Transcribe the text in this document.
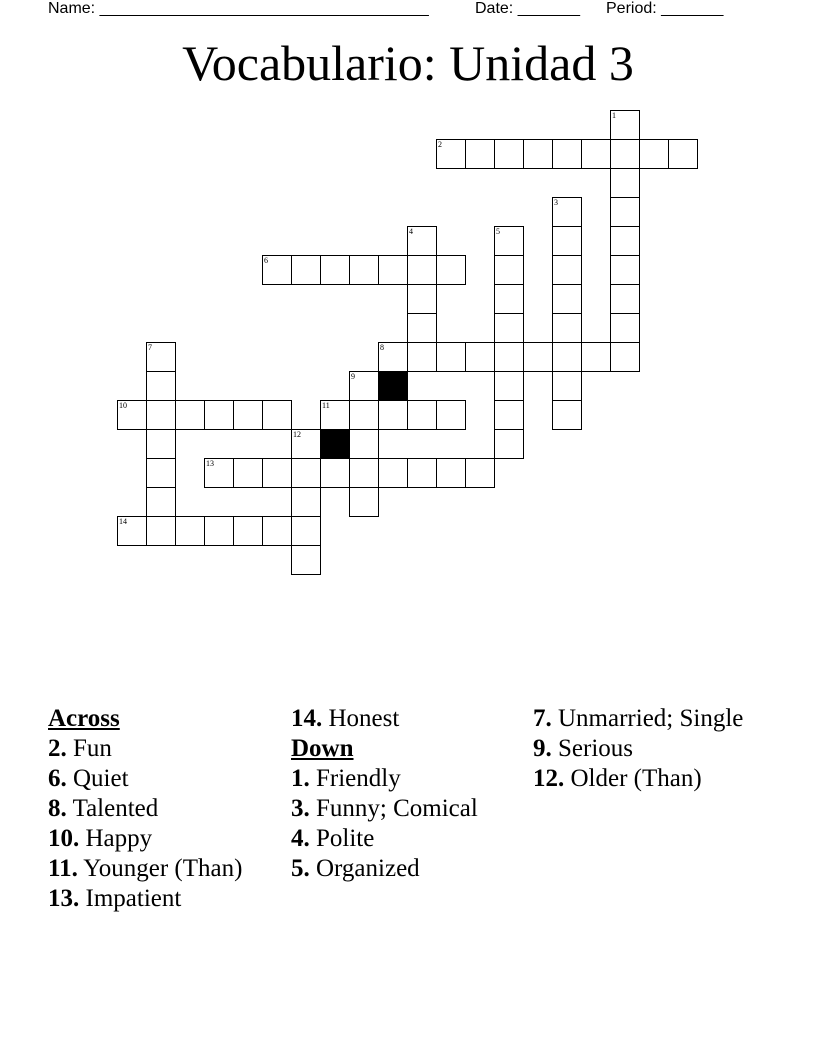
Name: _____________________________________	Date: _______ Period: _______
Vocabulario: Unidad 3
1
2
3
4	5
6
7	8
9
10	11
12
13
14
Across
2. Fun
6. Quiet
8. Talented
10. Happy
11. Younger (Than)
13. Impatient
14. Honest
Down
1. Friendly
3. Funny; Comical
4. Polite
5. Organized
7. Unmarried; Single
9. Serious
12. Older (Than)
